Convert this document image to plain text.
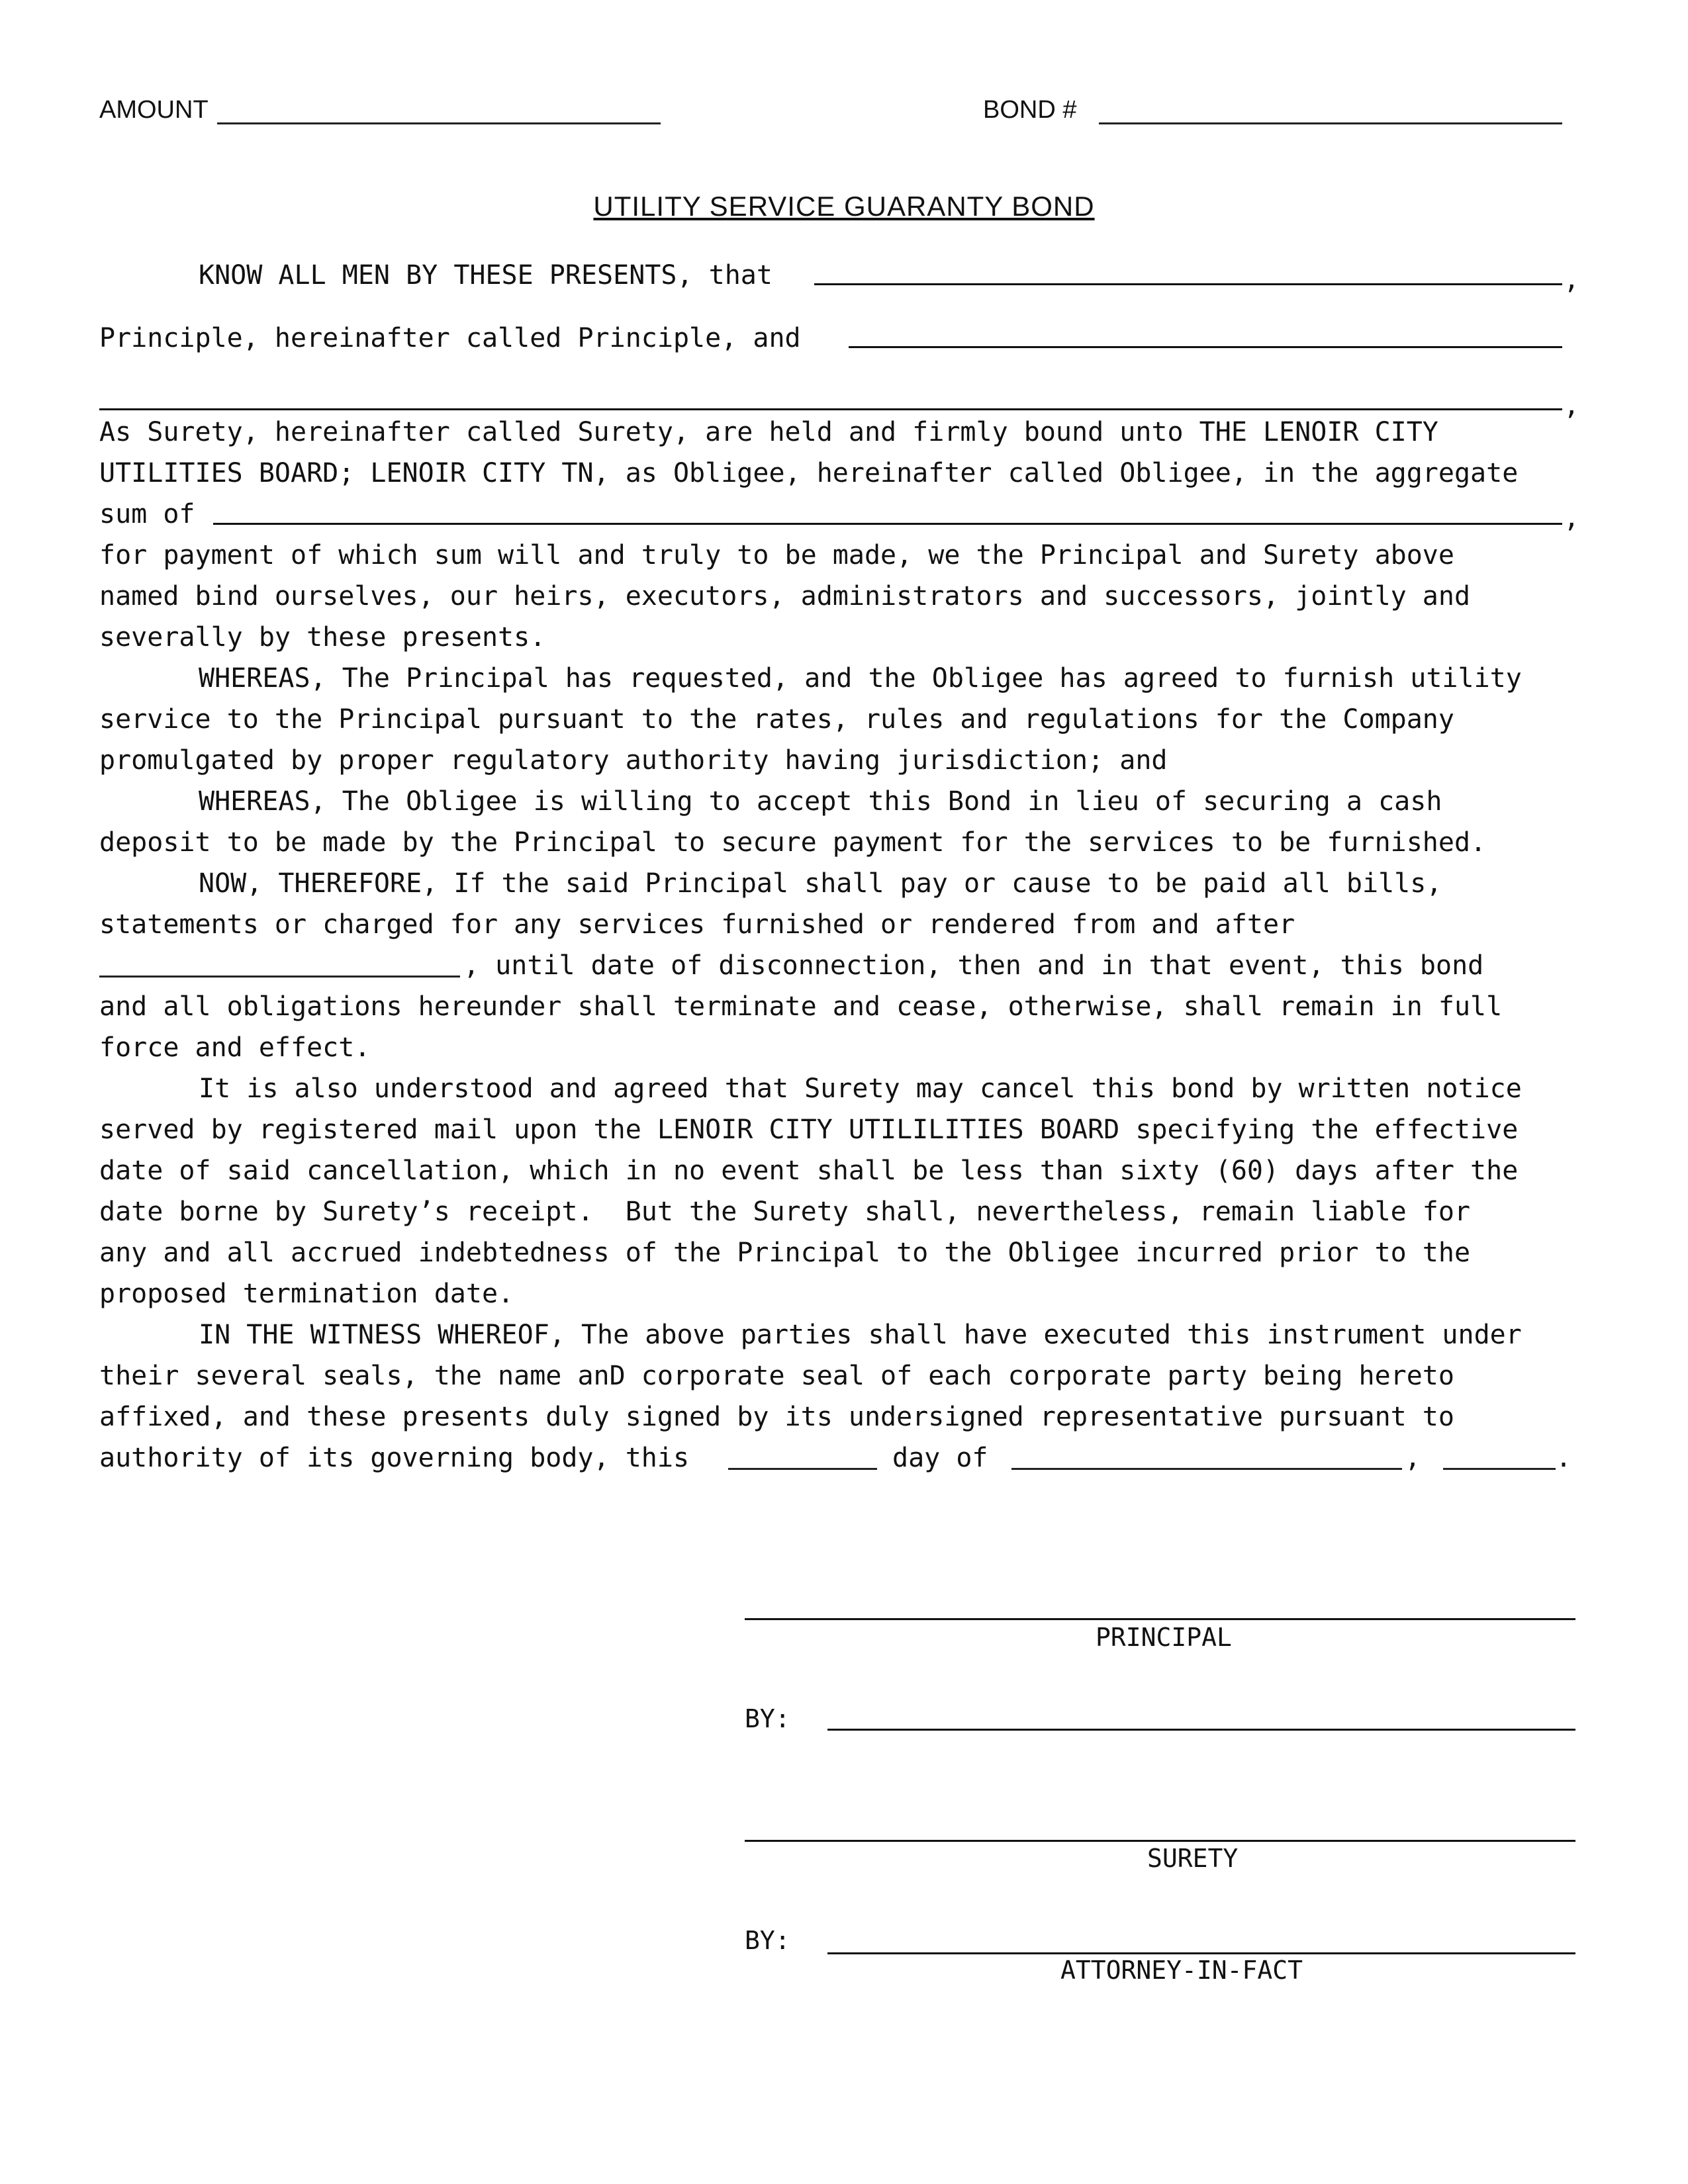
AMOUNT	BOND #
UTILITY SERVICE GUARANTY BOND
KNOW ALL MEN BY THESE PRESENTS, that	,
Principle, hereinafter called Principle, and
,
As Surety, hereinafter called Surety, are held and firmly bound unto THE LENOIR CITY
UTILITIES BOARD; LENOIR CITY TN, as Obligee, hereinafter called Obligee, in the aggregate
sum of	,
for payment of which sum will and truly to be made, we the Principal and Surety above
named bind ourselves, our heirs, executors, administrators and successors, jointly and
severally by these presents.
WHEREAS, The Principal has requested, and the Obligee has agreed to furnish utility
service to the Principal pursuant to the rates, rules and regulations for the Company
promulgated by proper regulatory authority having jurisdiction; and
WHEREAS, The Obligee is willing to accept this Bond in lieu of securing a cash
deposit to be made by the Principal to secure payment for the services to be furnished.
NOW, THEREFORE, If the said Principal shall pay or cause to be paid all bills,
statements or charged for any services furnished or rendered from and after
, until date of disconnection, then and in that event, this bond
and all obligations hereunder shall terminate and cease, otherwise, shall remain in full
force and effect.
It is also understood and agreed that Surety may cancel this bond by written notice
served by registered mail upon the LENOIR CITY UTILILITIES BOARD specifying the effective
date of said cancellation, which in no event shall be less than sixty (60) days after the
date borne by Surety’s receipt.  But the Surety shall, nevertheless, remain liable for
any and all accrued indebtedness of the Principal to the Obligee incurred prior to the
proposed termination date.
IN THE WITNESS WHEREOF, The above parties shall have executed this instrument under
their several seals, the name anD corporate seal of each corporate party being hereto
affixed, and these presents duly signed by its undersigned representative pursuant to
authority of its governing body, this	day of	,	.
PRINCIPAL
BY:
SURETY
BY:
ATTORNEY-IN-FACT
